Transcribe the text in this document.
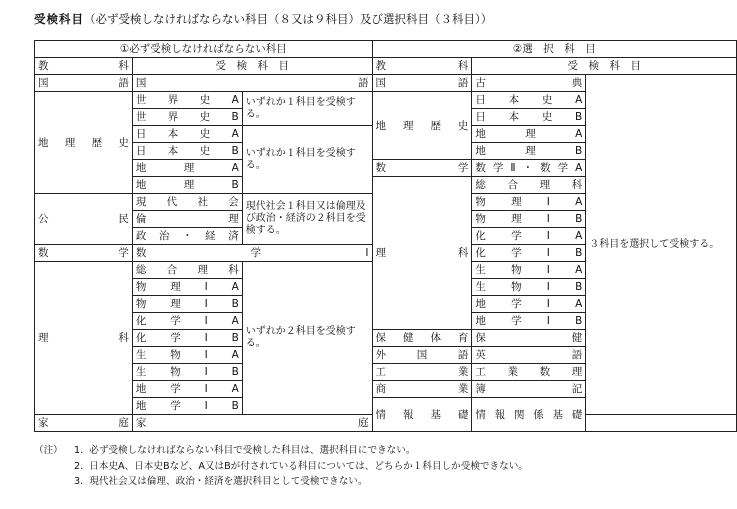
受検科目（必ず受検しなければならない科目（８又は９科目）及び選択科目（３科目））
①必ず受検しなければならない科目			②選　択　科　目		
教　　科	受　検　科　目		教　　科	受　検　科　目	
国　　語	国　　　語		国　　語	古　　典	３科目を選択して受検する。
地理歴史	世界史A	いずれか１科目を受検する。	地理歴史	日本史A	
	世界史B			日本史B	
	日本史A	いずれか１科目を受検する。		地　理　A	
	日本史B			地　理　B	
	地　理　A		数　　学	数学Ⅱ・数学A	
	地　理　B		理　　科	総合理科	
公　　民	現代社会	現代社会１科目又は倫理及び政治・経済の２科目を受検する。		物理ⅠA	
	倫　　理			物理ⅠB	
	政治・経済			化学ⅠA	
数　　学	数　学　Ⅰ			化学ⅠB	
理　　科	総合理科	いずれか２科目を受検する。		生物ⅠA	
	物理ⅠA			生物ⅠB	
	物理ⅠB			地学ⅠA	
	化学ⅠA			地学ⅠB	
	化学ⅠB		保健体育	保　　健	
	生物ⅠA		外国語	英　　語	
	生物ⅠB		工　　業	工業数理	
	地学ⅠA		商　　業	簿　　記	
	地学ⅠB		情報基礎	情報関係基礎	
家　　庭	家　　　庭				
（注） 1. 必ず受検しなければならない科目で受検した科目は、選択科目にできない。
2. 日本史A、日本史Bなど、A又はBが付されている科目については、どちらか１科目しか受検できない。
3. 現代社会又は倫理、政治・経済を選択科目として受検できない。
